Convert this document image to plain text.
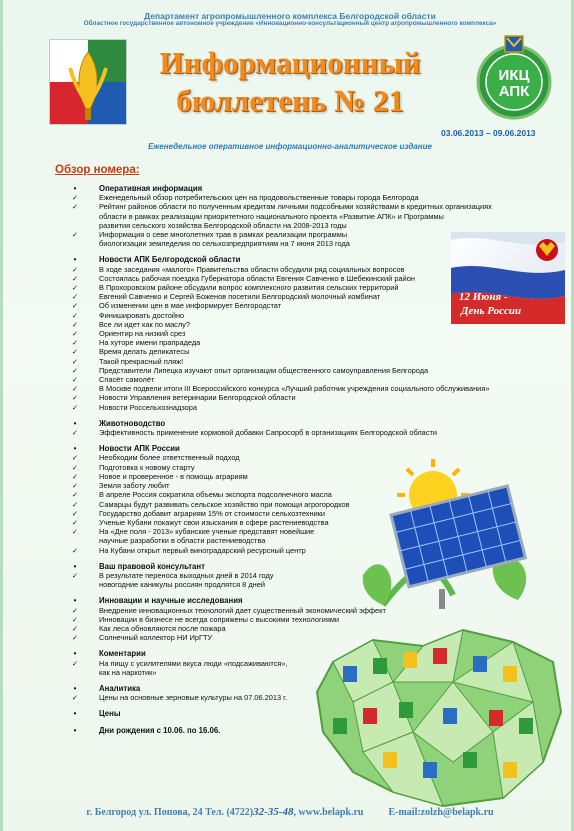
Департамент агропромышленного комплекса Белгородской области
Областное государственное автономное учреждение «Инновационно-консультационный центр агропромышленного комплекса»
Информационный
бюллетень № 21
ИКЦ
АПК
03.06.2013 – 09.06.2013
Еженедельное оперативное информационно-аналитическое издание
Обзор номера:
•	Оперативная информация
✓	Еженедельный обзор потребительских цен на продовольственные товары города Белгорода
✓	Рейтинг районов области по полученным кредитам личными подсобными хозяйствами в кредитных организациях
области в рамках реализации приоритетного национального проекта «Развитие АПК» и Программы
развития сельского хозяйства Белгородской области на 2008-2013 годы
✓	Информация о севе многолетних трав в рамках реализации программы
биологизации земледелия по сельхозпредприятиям на 7 июня 2013 года
•	Новости АПК Белгородской области
✓	В ходе заседания «малого» Правительства области обсудили ряд социальных вопросов
✓	Состоялась рабочая поездка Губернатора области Евгения Савченко в Шебекинский район
✓	В Прохоровском районе обсудили вопрос комплексного развития сельских территорий
✓	Евгений Савченко и Сергей Боженов посетили Белгородский молочный комбинат
✓	Об изменении цен в мае информирует Белгородстат
✓	Финишировать достойно
✓	Все ли идет как по маслу?
✓	Ориентир на низкий срез
✓	На хуторе имени прапрадеда
✓	Время делать деликатесы
✓	Такой прекрасный пляж!
✓	Представители Липецка изучают опыт организации общественного самоуправления Белгорода
✓	Спасёт самолёт
✓	В Москве подвели итоги III Всероссийского конкурса «Лучший работник учреждения социального обслуживания»
✓	Новости Управления ветеринарии Белгородской области
✓	Новости Россельхознадзора
•	Животноводство
✓	Эффективность применение кормовой добавки Сапросорб в организациях Белгородской области
•	Новости АПК России
✓	Необходим более ответственный подход
✓	Подготовка к новому старту
✓	Новое и проверенное - в помощь аграриям
✓	Земля заботу любит
✓	В апреле Россия сократила объемы экспорта подсолнечного масла
✓	Самарцы будут развивать сельское хозяйство при помощи агрогородков
✓	Государство добавит аграриям 15% от стоимости сельхозтехники
✓	Ученые Кубани покажут свои изыскания в сфере растениеводства
✓	На «Дне поля - 2013» кубанские ученые представят новейшие
научные разработки в области растениеводства
✓	На Кубани открыт первый виноградарский ресурсный центр
•	Ваш правовой консультант
✓	В результате переноса выходных дней в 2014 году
новогодние каникулы россиян продлятся 8 дней
•	Инновации и научные исследования
✓	Внедрение инновационных технологий дает существенный экономический эффект
✓	Инновации в бизнесе не всегда сопряжены с высокими технологиями
✓	Как леса обновляются после пожара
✓	Солнечный коллектор НИ ИрГТУ
•	Коментарии
✓	На пищу с усилителями вкуса люди «подсаживаются»,
как на наркотик»
•	Аналитика
✓	Цены на основные зерновые культуры на 07.06.2013 г.
•	Цены
•	Дни рождения с 10.06. по 16.06.
12 Июня -
День России
г. Белгород ул. Попова, 24 Тел. (4722)32-35-48, www.belapk.ru	E-mail:zolzh@belapk.ru
